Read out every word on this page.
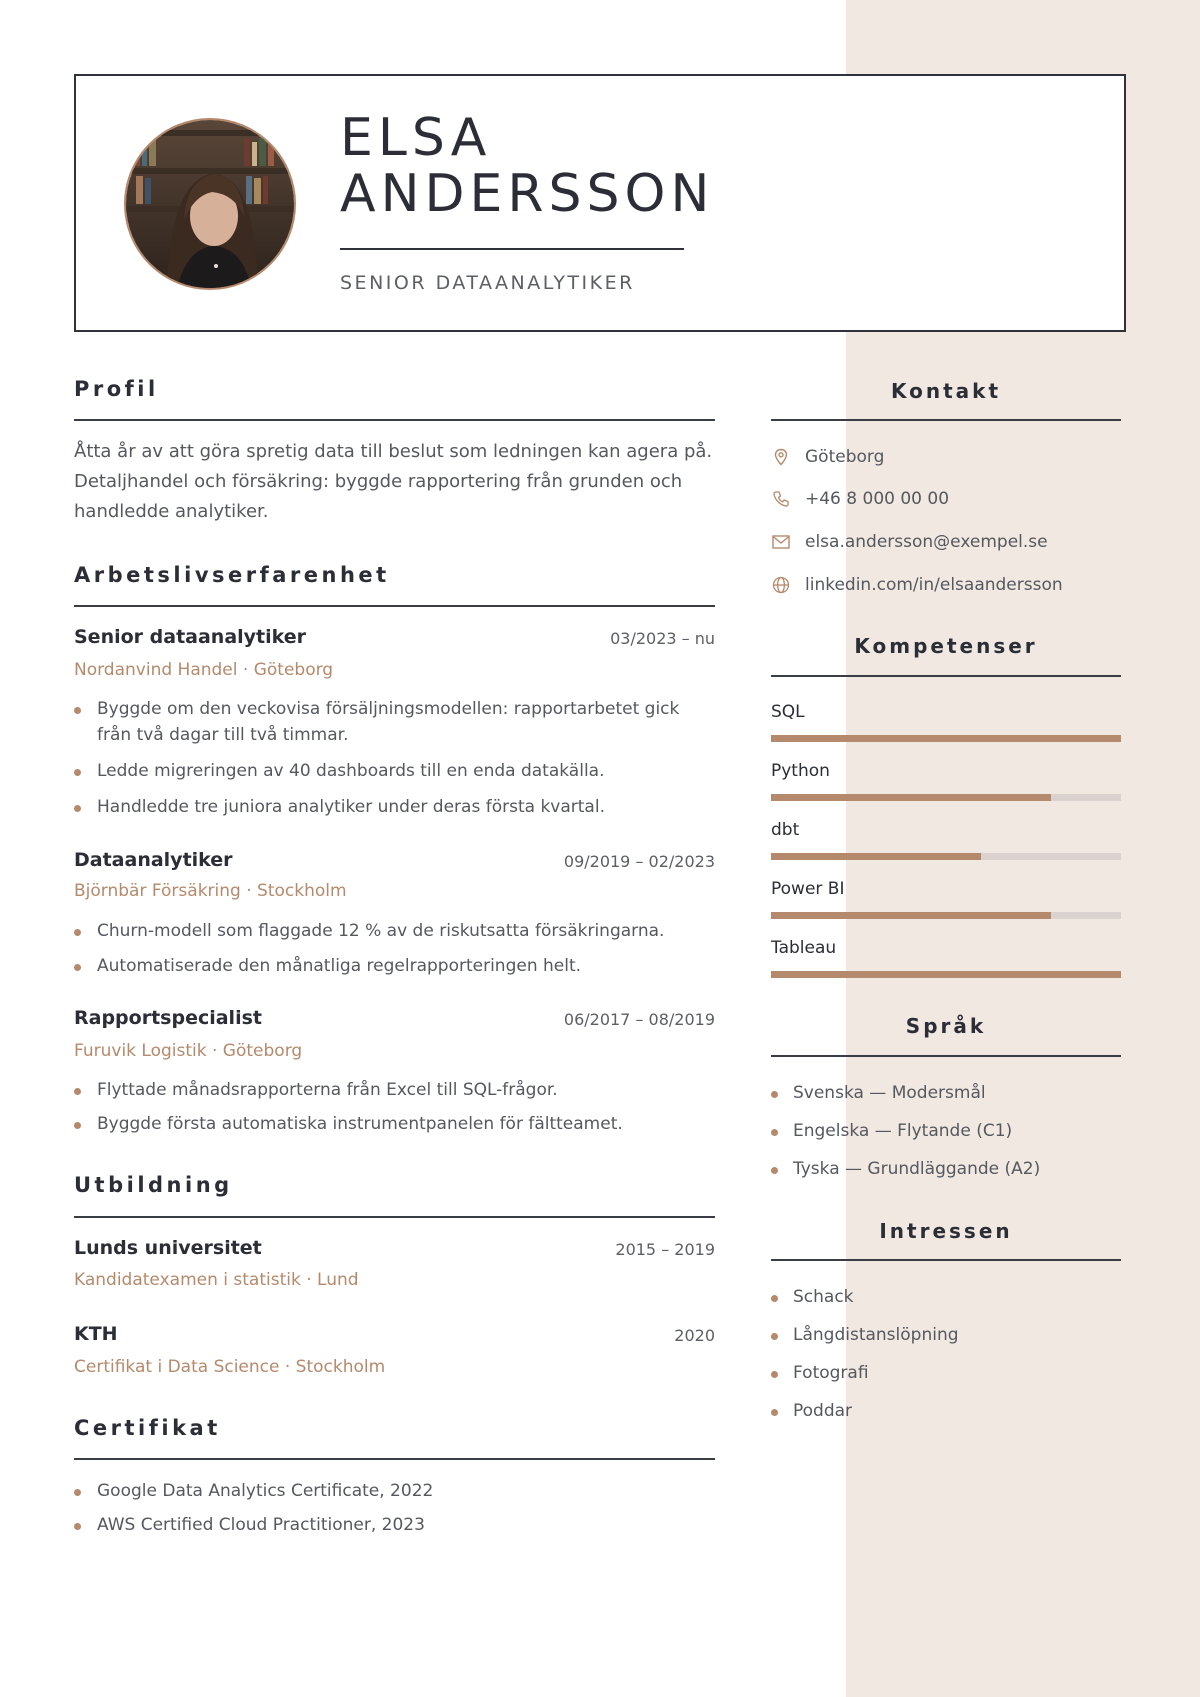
ELSA
ANDERSSON
SENIOR DATAANALYTIKER
Profil
Åtta år av att göra spretig data till beslut som ledningen kan agera på. Detaljhandel och försäkring: byggde rapportering från grunden och handledde analytiker.
Arbetslivserfarenhet
Senior dataanalytiker	03/2023 – nu
Nordanvind Handel · Göteborg
Byggde om den veckovisa försäljningsmodellen: rapportarbetet gick från två dagar till två timmar.
Ledde migreringen av 40 dashboards till en enda datakälla.
Handledde tre juniora analytiker under deras första kvartal.
Dataanalytiker	09/2019 – 02/2023
Björnbär Försäkring · Stockholm
Churn-modell som flaggade 12 % av de riskutsatta försäkringarna.
Automatiserade den månatliga regelrapporteringen helt.
Rapportspecialist	06/2017 – 08/2019
Furuvik Logistik · Göteborg
Flyttade månadsrapporterna från Excel till SQL-frågor.
Byggde första automatiska instrumentpanelen för fältteamet.
Utbildning
Lunds universitet	2015 – 2019
Kandidatexamen i statistik · Lund
KTH	2020
Certifikat i Data Science · Stockholm
Certifikat
Google Data Analytics Certificate, 2022
AWS Certified Cloud Practitioner, 2023
Kontakt
Göteborg
+46 8 000 00 00
elsa.andersson@exempel.se
linkedin.com/in/elsaandersson
Kompetenser
SQL
Python
dbt
Power BI
Tableau
Språk
Svenska — Modersmål
Engelska — Flytande (C1)
Tyska — Grundläggande (A2)
Intressen
Schack
Långdistanslöpning
Fotografi
Poddar
